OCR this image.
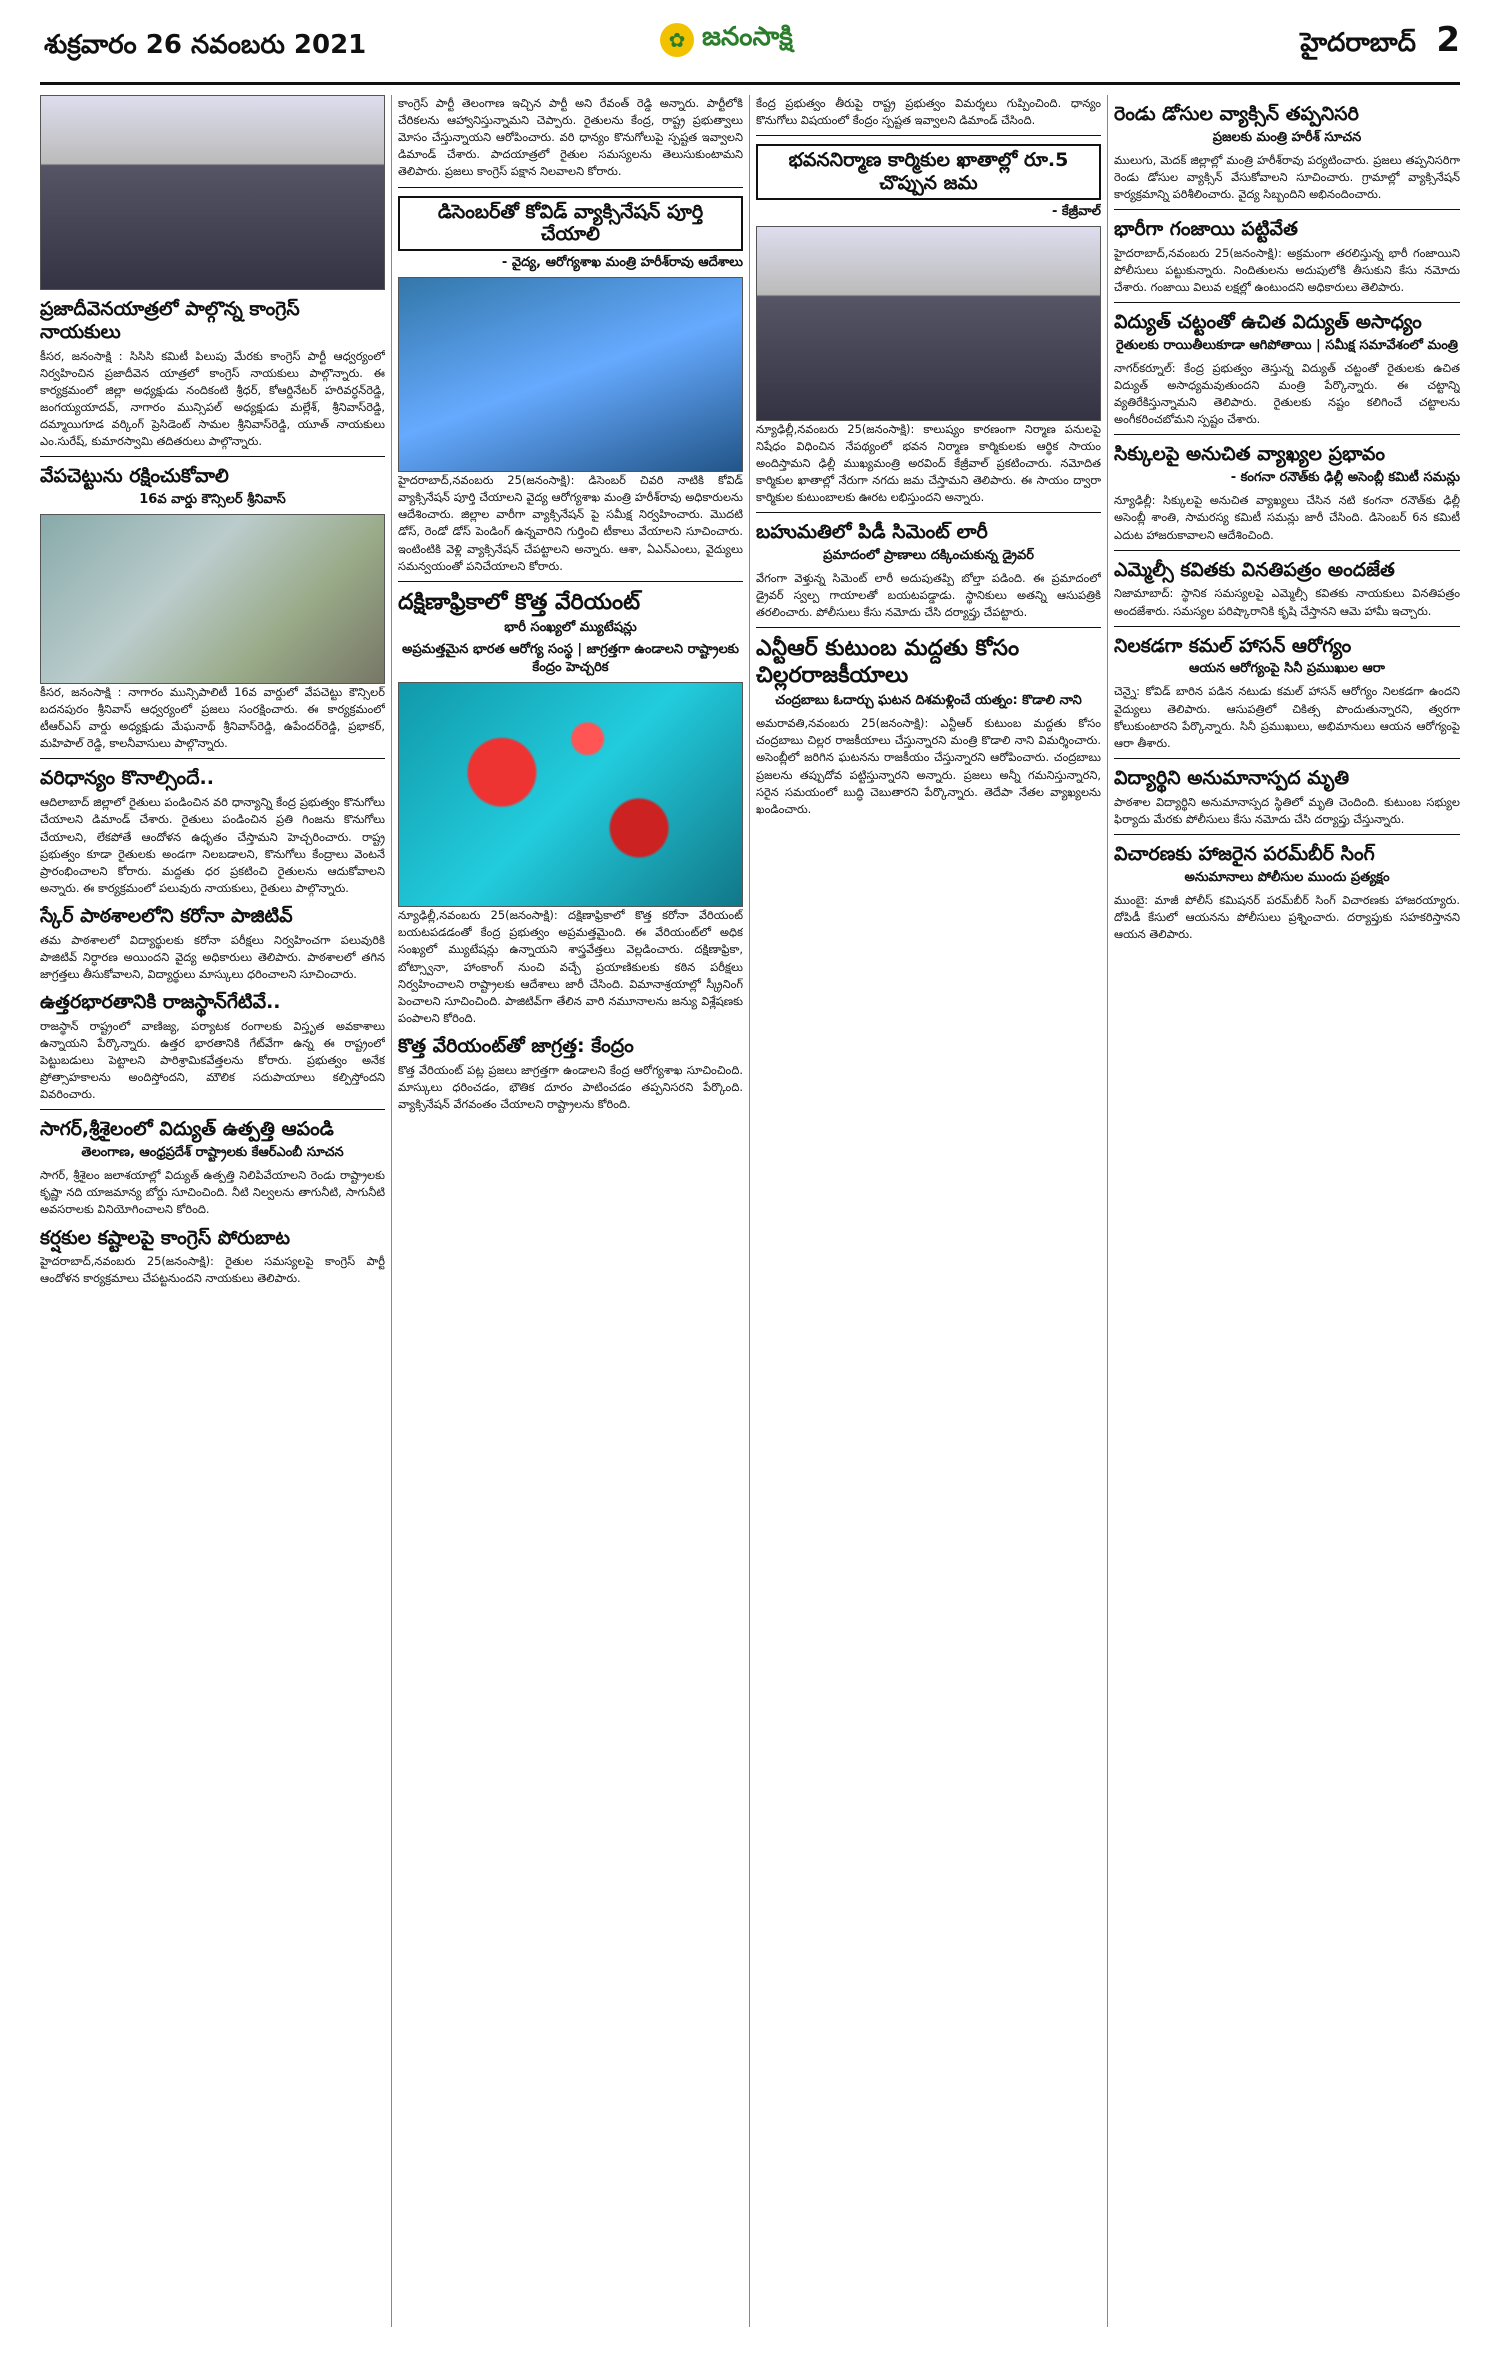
శుక్రవారం 26 నవంబరు 2021	✿ జనంసాక్షి	హైదరాబాద్ 2
ప్రజాదీవెనయాత్రలో పాల్గొన్న కాంగ్రెస్ నాయకులు

కీసర, జనంసాక్షి : సిసిసి కమిటీ పిలుపు మేరకు కాంగ్రెస్ పార్టీ ఆధ్వర్యంలో నిర్వహించిన ప్రజాదీవెన యాత్రలో కాంగ్రెస్ నాయకులు పాల్గొన్నారు. ఈ కార్యక్రమంలో జిల్లా అధ్యక్షుడు నందికంటి శ్రీధర్, కోఆర్డినేటర్ హరివర్ధన్‌రెడ్డి, జంగయ్యయాదవ్, నాగారం మున్సిపల్ అధ్యక్షుడు మల్లేశ్, శ్రీనివాస్‌రెడ్డి, దమ్మాయిగూడ వర్కింగ్ ప్రెసిడెంట్ సామల శ్రీనివాస్‌రెడ్డి, యూత్ నాయకులు ఎం.సురేష్, కుమారస్వామి తదితరులు పాల్గొన్నారు.

వేపచెట్టును రక్షించుకోవాలి
16వ వార్డు కౌన్సిలర్ శ్రీనివాస్

కీసర, జనంసాక్షి : నాగారం మున్సిపాలిటీ 16వ వార్డులో వేపచెట్టు కౌన్సిలర్ బదనపురం శ్రీనివాస్ ఆధ్వర్యంలో ప్రజలు సంరక్షించారు. ఈ కార్యక్రమంలో టీఆర్ఎస్ వార్డు అధ్యక్షుడు మేఘనాథ్ శ్రీనివాస్‌రెడ్డి, ఉపేందర్‌రెడ్డి, ప్రభాకర్, మహిపాల్ రెడ్డి, కాలనీవాసులు పాల్గొన్నారు.

వరిధాన్యం కొనాల్సిందే..

ఆదిలాబాద్ జిల్లాలో రైతులు పండించిన వరి ధాన్యాన్ని కేంద్ర ప్రభుత్వం కొనుగోలు చేయాలని డిమాండ్ చేశారు. రైతులు పండించిన ప్రతి గింజను కొనుగోలు చేయాలని, లేకపోతే ఆందోళన ఉధృతం చేస్తామని హెచ్చరించారు. రాష్ట్ర ప్రభుత్వం కూడా రైతులకు అండగా నిలబడాలని, కొనుగోలు కేంద్రాలు వెంటనే ప్రారంభించాలని కోరారు. మద్దతు ధర ప్రకటించి రైతులను ఆదుకోవాలని అన్నారు. ఈ కార్యక్రమంలో పలువురు నాయకులు, రైతులు పాల్గొన్నారు.

స్కేర్ పాఠశాలలోని కరోనా పాజిటివ్

తమ పాఠశాలలో విద్యార్థులకు కరోనా పరీక్షలు నిర్వహించగా పలువురికి పాజిటివ్ నిర్ధారణ అయిందని వైద్య అధికారులు తెలిపారు. పాఠశాలలో తగిన జాగ్రత్తలు తీసుకోవాలని, విద్యార్థులు మాస్కులు ధరించాలని సూచించారు.

ఉత్తరభారతానికి రాజస్థాన్‌గేటివే..

రాజస్థాన్ రాష్ట్రంలో వాణిజ్య, పర్యాటక రంగాలకు విస్తృత అవకాశాలు ఉన్నాయని పేర్కొన్నారు. ఉత్తర భారతానికి గేట్‌వేగా ఉన్న ఈ రాష్ట్రంలో పెట్టుబడులు పెట్టాలని పారిశ్రామికవేత్తలను కోరారు. ప్రభుత్వం అనేక ప్రోత్సాహకాలను అందిస్తోందని, మౌలిక సదుపాయాలు కల్పిస్తోందని వివరించారు.

సాగర్,శ్రీశైలంలో విద్యుత్ ఉత్పత్తి ఆపండి
తెలంగాణ, ఆంధ్రప్రదేశ్ రాష్ట్రాలకు కేఆర్‌ఎంబీ సూచన

సాగర్, శ్రీశైలం జలాశయాల్లో విద్యుత్ ఉత్పత్తి నిలిపివేయాలని రెండు రాష్ట్రాలకు కృష్ణా నది యాజమాన్య బోర్డు సూచించింది. నీటి నిల్వలను తాగునీటి, సాగునీటి అవసరాలకు వినియోగించాలని కోరింది.

కర్షకుల కష్టాలపై కాంగ్రెస్ పోరుబాట

హైదరాబాద్,నవంబరు 25(జనంసాక్షి): రైతుల సమస్యలపై కాంగ్రెస్ పార్టీ ఆందోళన కార్యక్రమాలు చేపట్టనుందని నాయకులు తెలిపారు.

కాంగ్రెస్ పార్టీ తెలంగాణ ఇచ్చిన పార్టీ అని రేవంత్ రెడ్డి అన్నారు. పార్టీలోకి చేరికలను ఆహ్వానిస్తున్నామని చెప్పారు. రైతులను కేంద్ర, రాష్ట్ర ప్రభుత్వాలు మోసం చేస్తున్నాయని ఆరోపించారు. వరి ధాన్యం కొనుగోలుపై స్పష్టత ఇవ్వాలని డిమాండ్ చేశారు. పాదయాత్రలో రైతుల సమస్యలను తెలుసుకుంటామని తెలిపారు. ప్రజలు కాంగ్రెస్ పక్షాన నిలవాలని కోరారు.

డిసెంబర్‌తో కోవిడ్ వ్యాక్సినేషన్ పూర్తి చేయాలి
- వైద్య, ఆరోగ్యశాఖ మంత్రి హరీశ్‌రావు ఆదేశాలు

హైదరాబాద్,నవంబరు 25(జనంసాక్షి): డిసెంబర్ చివరి నాటికి కోవిడ్ వ్యాక్సినేషన్ పూర్తి చేయాలని వైద్య ఆరోగ్యశాఖ మంత్రి హరీశ్‌రావు అధికారులను ఆదేశించారు. జిల్లాల వారీగా వ్యాక్సినేషన్ పై సమీక్ష నిర్వహించారు. మొదటి డోస్, రెండో డోస్ పెండింగ్ ఉన్నవారిని గుర్తించి టీకాలు వేయాలని సూచించారు. ఇంటింటికి వెళ్లి వ్యాక్సినేషన్ చేపట్టాలని అన్నారు. ఆశా, ఏఎన్ఎంలు, వైద్యులు సమన్వయంతో పనిచేయాలని కోరారు.

దక్షిణాఫ్రికాలో కొత్త వేరియంట్
భారీ సంఖ్యలో మ్యుటేషన్లు
అప్రమత్తమైన భారత ఆరోగ్య సంస్థ | జాగ్రత్తగా ఉండాలని రాష్ట్రాలకు కేంద్రం హెచ్చరిక

న్యూఢిల్లీ,నవంబరు 25(జనంసాక్షి): దక్షిణాఫ్రికాలో కొత్త కరోనా వేరియంట్ బయటపడడంతో కేంద్ర ప్రభుత్వం అప్రమత్తమైంది. ఈ వేరియంట్‌లో అధిక సంఖ్యలో మ్యుటేషన్లు ఉన్నాయని శాస్త్రవేత్తలు వెల్లడించారు. దక్షిణాఫ్రికా, బోట్స్వానా, హాంకాంగ్ నుంచి వచ్చే ప్రయాణికులకు కఠిన పరీక్షలు నిర్వహించాలని రాష్ట్రాలకు ఆదేశాలు జారీ చేసింది. విమానాశ్రయాల్లో స్క్రీనింగ్ పెంచాలని సూచించింది. పాజిటివ్‌గా తేలిన వారి నమూనాలను జన్యు విశ్లేషణకు పంపాలని కోరింది.

కొత్త వేరియంట్‌తో జాగ్రత్త: కేంద్రం

కొత్త వేరియంట్ పట్ల ప్రజలు జాగ్రత్తగా ఉండాలని కేంద్ర ఆరోగ్యశాఖ సూచించింది. మాస్కులు ధరించడం, భౌతిక దూరం పాటించడం తప్పనిసరని పేర్కొంది. వ్యాక్సినేషన్ వేగవంతం చేయాలని రాష్ట్రాలను కోరింది.

కేంద్ర ప్రభుత్వం తీరుపై రాష్ట్ర ప్రభుత్వం విమర్శలు గుప్పించింది. ధాన్యం కొనుగోలు విషయంలో కేంద్రం స్పష్టత ఇవ్వాలని డిమాండ్ చేసింది.

భవననిర్మాణ కార్మికుల ఖాతాల్లో రూ.5 చొప్పున జమ
- కేజ్రీవాల్

న్యూఢిల్లీ,నవంబరు 25(జనంసాక్షి): కాలుష్యం కారణంగా నిర్మాణ పనులపై నిషేధం విధించిన నేపథ్యంలో భవన నిర్మాణ కార్మికులకు ఆర్థిక సాయం అందిస్తామని ఢిల్లీ ముఖ్యమంత్రి అరవింద్ కేజ్రీవాల్ ప్రకటించారు. నమోదిత కార్మికుల ఖాతాల్లో నేరుగా నగదు జమ చేస్తామని తెలిపారు. ఈ సాయం ద్వారా కార్మికుల కుటుంబాలకు ఊరట లభిస్తుందని అన్నారు.

బహుమతిలో పిడీ సిమెంట్ లారీ
ప్రమాదంలో ప్రాణాలు దక్కించుకున్న డ్రైవర్

వేగంగా వెళ్తున్న సిమెంట్ లారీ అదుపుతప్పి బోల్తా పడింది. ఈ ప్రమాదంలో డ్రైవర్ స్వల్ప గాయాలతో బయటపడ్డాడు. స్థానికులు అతన్ని ఆసుపత్రికి తరలించారు. పోలీసులు కేసు నమోదు చేసి దర్యాప్తు చేపట్టారు.

ఎన్టీఆర్ కుటుంబ మద్దతు కోసం చిల్లరరాజకీయాలు
చంద్రబాబు ఓదార్చు ఘటన దిశమళ్లించే యత్నం: కొడాలి నాని

అమరావతి,నవంబరు 25(జనంసాక్షి): ఎన్టీఆర్ కుటుంబ మద్దతు కోసం చంద్రబాబు చిల్లర రాజకీయాలు చేస్తున్నారని మంత్రి కొడాలి నాని విమర్శించారు. అసెంబ్లీలో జరిగిన ఘటనను రాజకీయం చేస్తున్నారని ఆరోపించారు. చంద్రబాబు ప్రజలను తప్పుదోవ పట్టిస్తున్నారని అన్నారు. ప్రజలు అన్నీ గమనిస్తున్నారని, సరైన సమయంలో బుద్ధి చెబుతారని పేర్కొన్నారు. తెదేపా నేతల వ్యాఖ్యలను ఖండించారు.

రెండు డోసుల వ్యాక్సిన్ తప్పనిసరి
ప్రజలకు మంత్రి హరీశ్ సూచన

ములుగు, మెదక్ జిల్లాల్లో మంత్రి హరీశ్‌రావు పర్యటించారు. ప్రజలు తప్పనిసరిగా రెండు డోసుల వ్యాక్సిన్ వేసుకోవాలని సూచించారు. గ్రామాల్లో వ్యాక్సినేషన్ కార్యక్రమాన్ని పరిశీలించారు. వైద్య సిబ్బందిని అభినందించారు.

భారీగా గంజాయి పట్టివేత

హైదరాబాద్,నవంబరు 25(జనంసాక్షి): అక్రమంగా తరలిస్తున్న భారీ గంజాయిని పోలీసులు పట్టుకున్నారు. నిందితులను అదుపులోకి తీసుకుని కేసు నమోదు చేశారు. గంజాయి విలువ లక్షల్లో ఉంటుందని అధికారులు తెలిపారు.

విద్యుత్ చట్టంతో ఉచిత విద్యుత్ అసాధ్యం
రైతులకు రాయితీలుకూడా ఆగిపోతాయి | సమీక్ష సమావేశంలో మంత్రి

నాగర్‌కర్నూల్: కేంద్ర ప్రభుత్వం తెస్తున్న విద్యుత్ చట్టంతో రైతులకు ఉచిత విద్యుత్ అసాధ్యమవుతుందని మంత్రి పేర్కొన్నారు. ఈ చట్టాన్ని వ్యతిరేకిస్తున్నామని తెలిపారు. రైతులకు నష్టం కలిగించే చట్టాలను అంగీకరించబోమని స్పష్టం చేశారు.

సిక్కులపై అనుచిత వ్యాఖ్యల ప్రభావం
- కంగనా రనౌత్‌కు ఢిల్లీ అసెంబ్లీ కమిటీ సమన్లు

న్యూఢిల్లీ: సిక్కులపై అనుచిత వ్యాఖ్యలు చేసిన నటి కంగనా రనౌత్‌కు ఢిల్లీ అసెంబ్లీ శాంతి, సామరస్య కమిటీ సమన్లు జారీ చేసింది. డిసెంబర్ 6న కమిటీ ఎదుట హాజరుకావాలని ఆదేశించింది.

ఎమ్మెల్సీ కవితకు వినతిపత్రం అందజేత

నిజామాబాద్: స్థానిక సమస్యలపై ఎమ్మెల్సీ కవితకు నాయకులు వినతిపత్రం అందజేశారు. సమస్యల పరిష్కారానికి కృషి చేస్తానని ఆమె హామీ ఇచ్చారు.

నిలకడగా కమల్ హాసన్ ఆరోగ్యం
ఆయన ఆరోగ్యంపై సినీ ప్రముఖుల ఆరా

చెన్నై: కోవిడ్ బారిన పడిన నటుడు కమల్ హాసన్ ఆరోగ్యం నిలకడగా ఉందని వైద్యులు తెలిపారు. ఆసుపత్రిలో చికిత్స పొందుతున్నారని, త్వరగా కోలుకుంటారని పేర్కొన్నారు. సినీ ప్రముఖులు, అభిమానులు ఆయన ఆరోగ్యంపై ఆరా తీశారు.

విద్యార్థిని అనుమానాస్పద మృతి

పాఠశాల విద్యార్థిని అనుమానాస్పద స్థితిలో మృతి చెందింది. కుటుంబ సభ్యుల ఫిర్యాదు మేరకు పోలీసులు కేసు నమోదు చేసి దర్యాప్తు చేస్తున్నారు.

విచారణకు హాజరైన పరమ్‌బీర్ సింగ్
అనుమానాలు పోలీసుల ముందు ప్రత్యక్షం

ముంబై: మాజీ పోలీస్ కమిషనర్ పరమ్‌బీర్ సింగ్ విచారణకు హాజరయ్యారు. దోపిడీ కేసులో ఆయనను పోలీసులు ప్రశ్నించారు. దర్యాప్తుకు సహకరిస్తానని ఆయన తెలిపారు.
